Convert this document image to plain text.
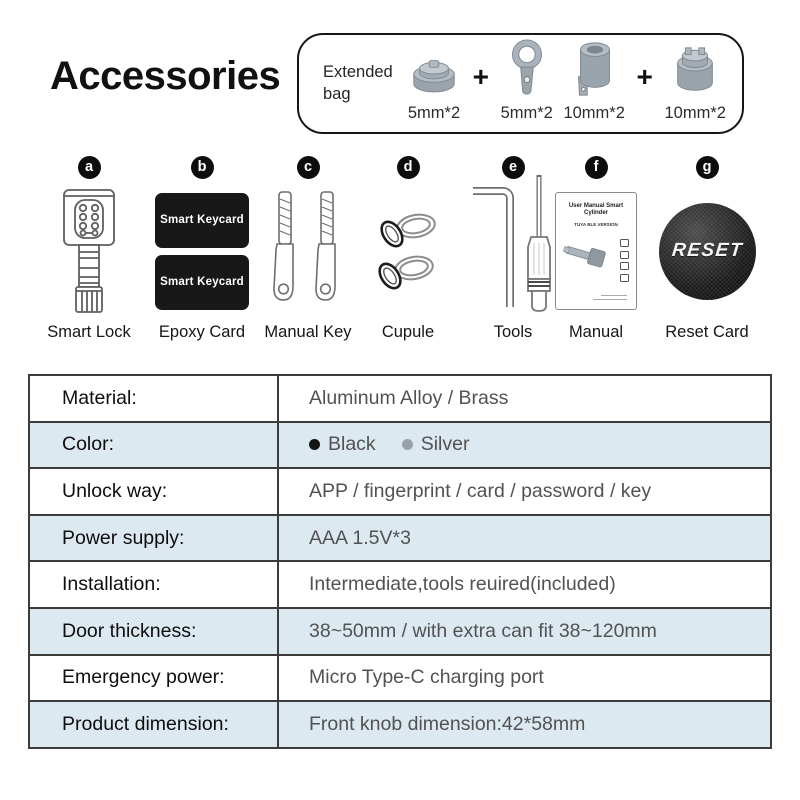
Accessories	Extended bag
5mm*2
+
5mm*2 10mm*2
+
10mm*2
a
Smart Lock
b
Smart Keycard
Smart Keycard
Epoxy Card
c
Manual Key
d
Cupule
e
Tools
f
User Manual Smart Cylinder
TUYA BLE VERSION
Manual
g
RESET
Reset Card
Material:	Aluminum Alloy / Brass
Color:	Black Silver

Unlock way:	APP / fingerprint / card / password / key
Power supply:	AAA 1.5V*3
Installation:	Intermediate,tools reuired(included)
Door thickness:	38~50mm / with extra can fit 38~120mm
Emergency power:	Micro Type-C charging port
Product dimension:	Front knob dimension:42*58mm
